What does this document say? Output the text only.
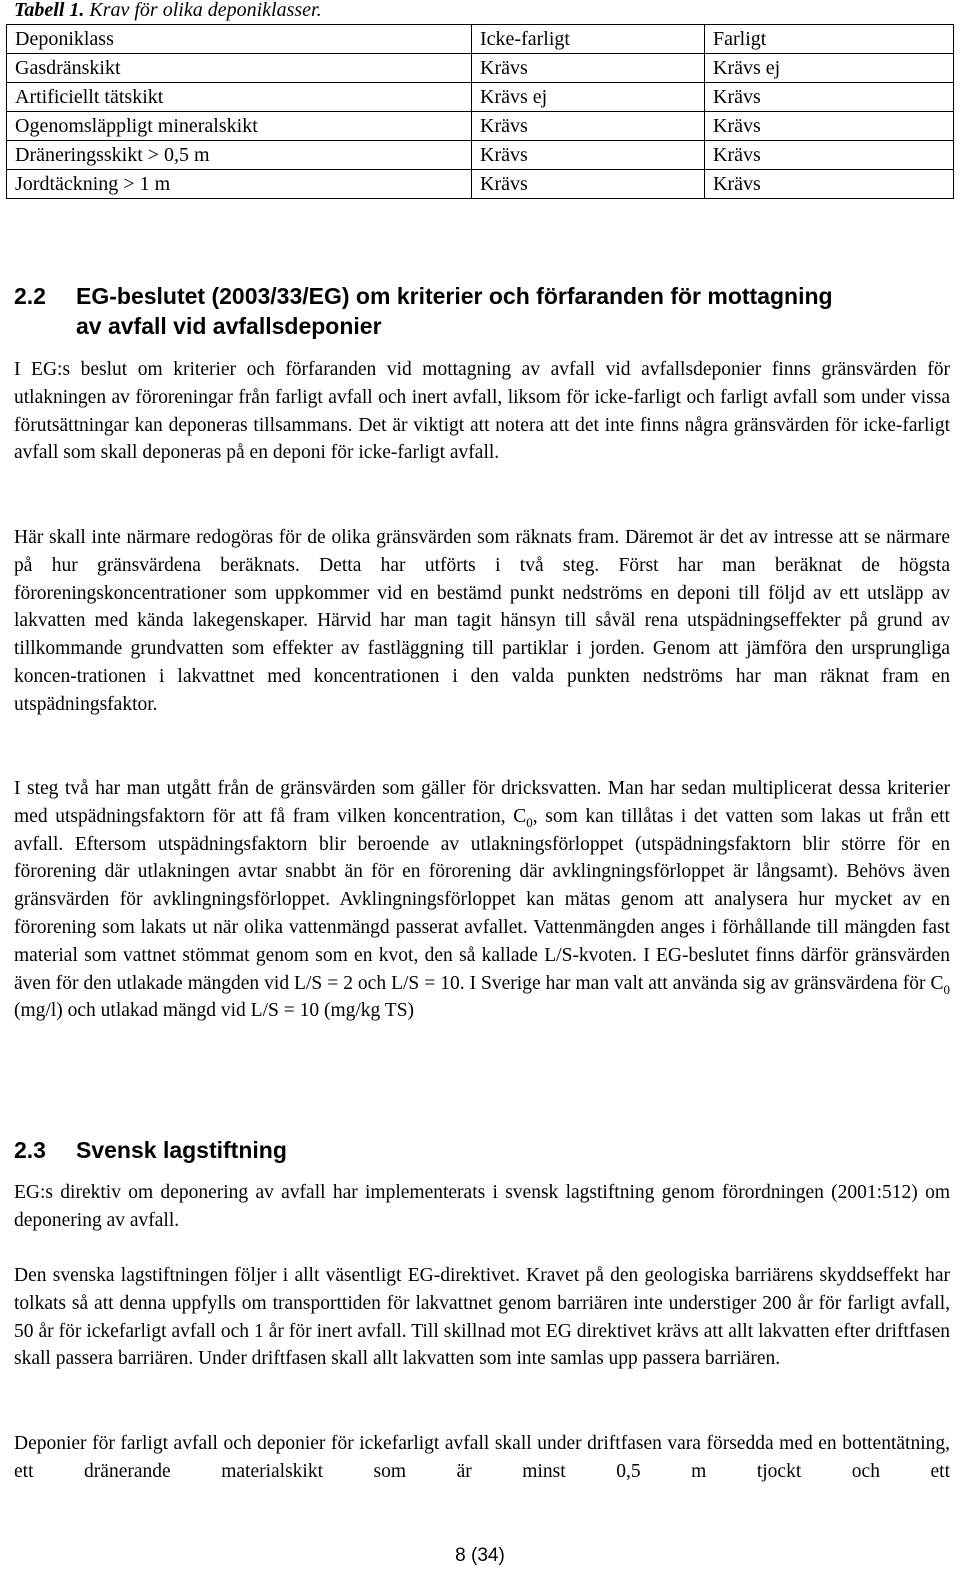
Tabell 1. Krav för olika deponiklasser.
Deponiklass	Icke-farligt	Farligt
Gasdränskikt	Krävs	Krävs ej
Artificiellt tätskikt	Krävs ej	Krävs
Ogenomsläppligt mineralskikt	Krävs	Krävs
Dräneringsskikt > 0,5 m	Krävs	Krävs
Jordtäckning > 1 m	Krävs	Krävs
2.2 EG-beslutet (2003/33/EG) om kriterier och förfaranden för mottagning
av avfall vid avfallsdeponier

I EG:s beslut om kriterier och förfaranden vid mottagning av avfall vid avfallsdeponier finns gränsvärden för utlakningen av föroreningar från farligt avfall och inert avfall, liksom för icke-farligt och farligt avfall som under vissa förutsättningar kan deponeras tillsammans. Det är viktigt att notera att det inte finns några gränsvärden för icke-farligt avfall som skall deponeras på en deponi för icke-farligt avfall.

Här skall inte närmare redogöras för de olika gränsvärden som räknats fram. Däremot är det av intresse att se närmare på hur gränsvärdena beräknats. Detta har utförts i två steg. Först har man beräknat de högsta föroreningskoncentrationer som uppkommer vid en bestämd punkt nedströms en deponi till följd av ett utsläpp av lakvatten med kända lakegenskaper. Härvid har man tagit hänsyn till såväl rena utspädningseffekter på grund av tillkommande grundvatten som effekter av fastläggning till partiklar i jorden. Genom att jämföra den ursprungliga koncen-trationen i lakvattnet med koncentrationen i den valda punkten nedströms har man räknat fram en utspädningsfaktor.

I steg två har man utgått från de gränsvärden som gäller för dricksvatten. Man har sedan multiplicerat dessa kriterier med utspädningsfaktorn för att få fram vilken koncentration, $C_0$, som kan tillåtas i det vatten som lakas ut från ett avfall. Eftersom utspädningsfaktorn blir beroende av utlakningsförloppet (utspädningsfaktorn blir större för en förorening där utlakningen avtar snabbt än för en förorening där avklingningsförloppet är långsamt). Behövs även gränsvärden för avklingningsförloppet. Avklingningsförloppet kan mätas genom att analysera hur mycket av en förorening som lakats ut när olika vattenmängd passerat avfallet. Vattenmängden anges i förhållande till mängden fast material som vattnet stömmat genom som en kvot, den så kallade L/S-kvoten. I EG-beslutet finns därför gränsvärden även för den utlakade mängden vid L/S = 2 och L/S = 10. I Sverige har man valt att använda sig av gränsvärdena för $C_0$ (mg/l) och utlakad mängd vid L/S = 10 (mg/kg TS)

2.3 Svensk lagstiftning

EG:s direktiv om deponering av avfall har implementerats i svensk lagstiftning genom förordningen (2001:512) om deponering av avfall.

Den svenska lagstiftningen följer i allt väsentligt EG-direktivet. Kravet på den geologiska barriärens skyddseffekt har tolkats så att denna uppfylls om transporttiden för lakvattnet genom barriären inte understiger 200 år för farligt avfall, 50 år för ickefarligt avfall och 1 år för inert avfall. Till skillnad mot EG direktivet krävs att allt lakvatten efter driftfasen skall passera barriären. Under driftfasen skall allt lakvatten som inte samlas upp passera barriären.

Deponier för farligt avfall och deponier för ickefarligt avfall skall under driftfasen vara försedda med en bottentätning, ett dränerande materialskikt som är minst 0,5 m tjockt och ett

8 (34)
